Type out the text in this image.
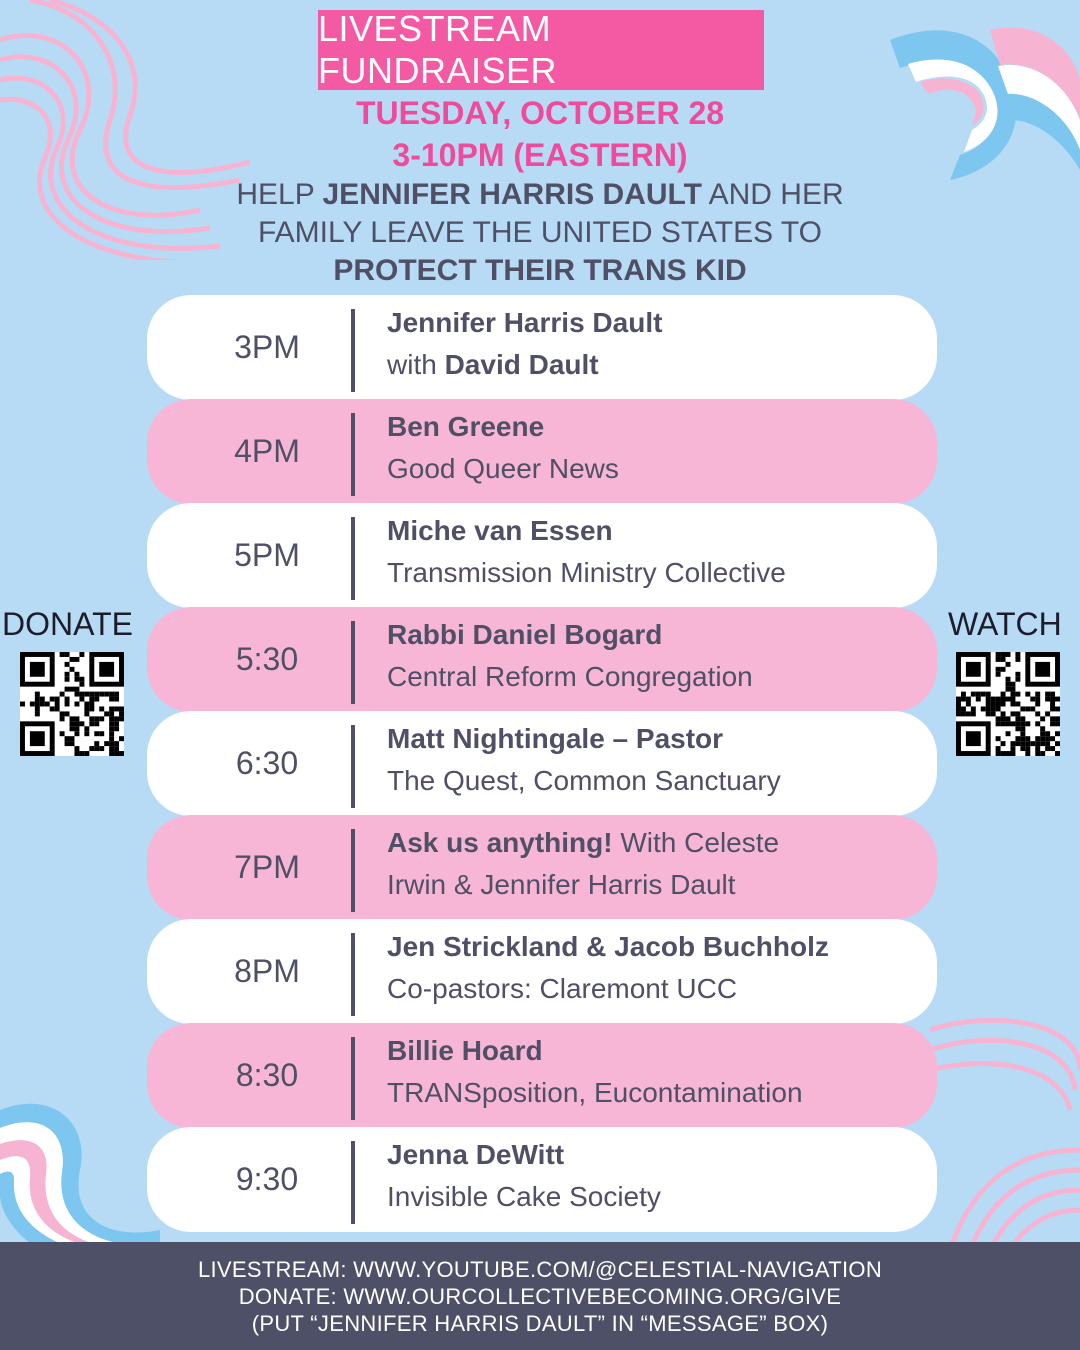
LIVESTREAM FUNDRAISER
TUESDAY, OCTOBER 28
3-10PM (EASTERN)
HELP JENNIFER HARRIS DAULT AND HER
FAMILY LEAVE THE UNITED STATES TO
PROTECT THEIR TRANS KID
3PM
Jennifer Harris Dault
with David Dault
4PM
Ben Greene
Good Queer News
5PM
Miche van Essen
Transmission Ministry Collective
5:30
Rabbi Daniel Bogard
Central Reform Congregation
6:30
Matt Nightingale – Pastor
The Quest, Common Sanctuary
7PM
Ask us anything! With Celeste
Irwin & Jennifer Harris Dault
8PM
Jen Strickland & Jacob Buchholz
Co-pastors: Claremont UCC
8:30
Billie Hoard
TRANSposition, Eucontamination
9:30
Jenna DeWitt
Invisible Cake Society
DONATE	WATCH
LIVESTREAM: WWW.YOUTUBE.COM/@CELESTIAL-NAVIGATION
DONATE: WWW.OURCOLLECTIVEBECOMING.ORG/GIVE
(PUT “JENNIFER HARRIS DAULT” IN “MESSAGE” BOX)
